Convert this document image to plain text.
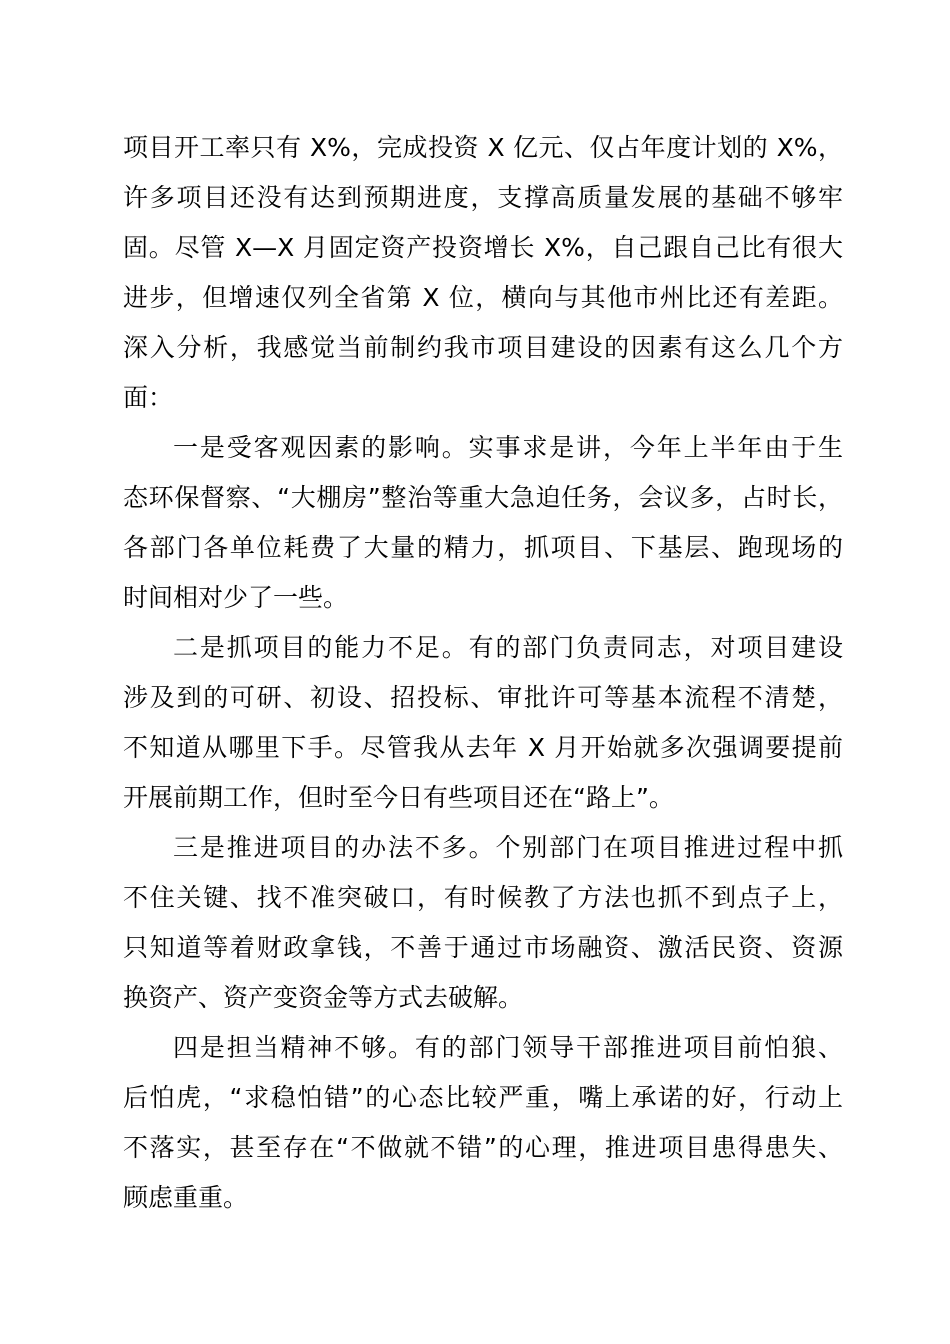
项目开工率只有 X%，完成投资 X 亿元、仅占年度计划的 X%，
许多项目还没有达到预期进度，支撑高质量发展的基础不够牢
固。尽管 X—X 月固定资产投资增长 X%，自己跟自己比有很大
进步，但增速仅列全省第 X 位，横向与其他市州比还有差距。
深入分析，我感觉当前制约我市项目建设的因素有这么几个方
面：
一是受客观因素的影响。实事求是讲，今年上半年由于生
态环保督察、“大棚房”整治等重大急迫任务，会议多，占时长，
各部门各单位耗费了大量的精力，抓项目、下基层、跑现场的
时间相对少了一些。
二是抓项目的能力不足。有的部门负责同志，对项目建设
涉及到的可研、初设、招投标、审批许可等基本流程不清楚，
不知道从哪里下手。尽管我从去年 X 月开始就多次强调要提前
开展前期工作，但时至今日有些项目还在“路上”。
三是推进项目的办法不多。个别部门在项目推进过程中抓
不住关键、找不准突破口，有时候教了方法也抓不到点子上，
只知道等着财政拿钱，不善于通过市场融资、激活民资、资源
换资产、资产变资金等方式去破解。
四是担当精神不够。有的部门领导干部推进项目前怕狼、
后怕虎，“求稳怕错”的心态比较严重，嘴上承诺的好，行动上
不落实，甚至存在“不做就不错”的心理，推进项目患得患失、
顾虑重重。
